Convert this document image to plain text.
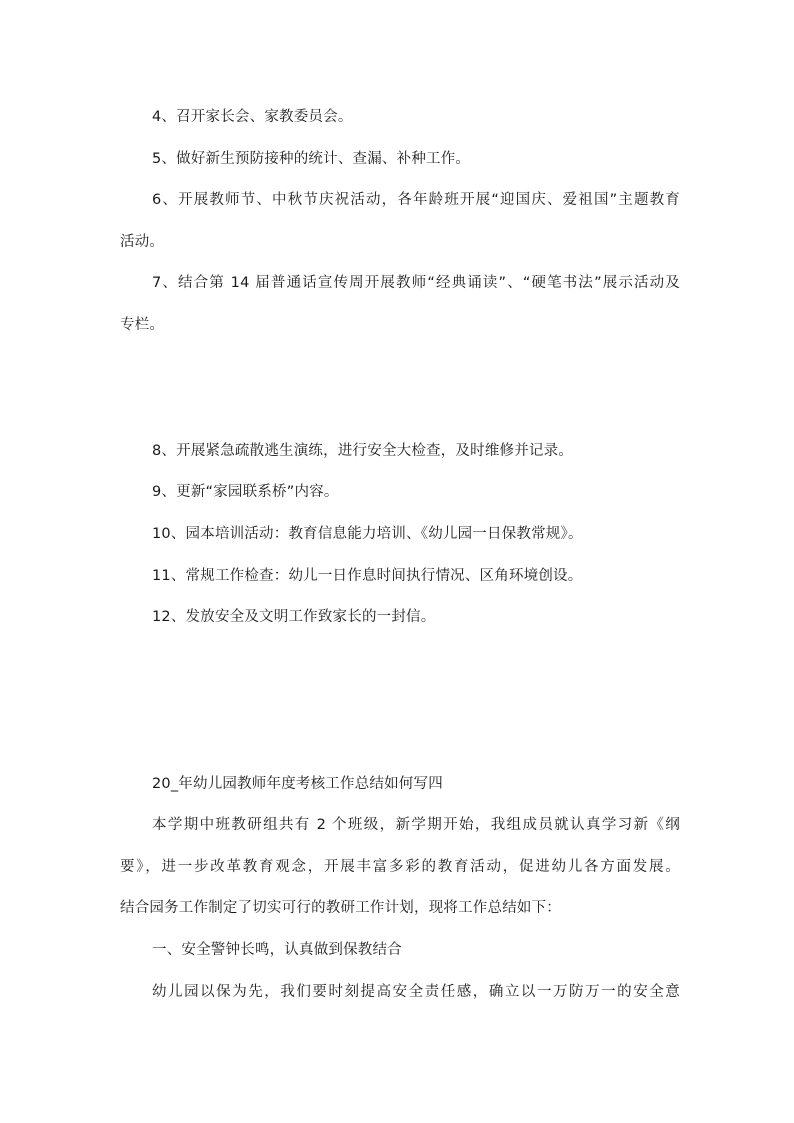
4、召开家长会、家教委员会。
5、做好新生预防接种的统计、查漏、补种工作。
6、开展教师节、中秋节庆祝活动，各年龄班开展“迎国庆、爱祖国”主题教育
活动。
7、结合第 14 届普通话宣传周开展教师“经典诵读”、“硬笔书法”展示活动及
专栏。
8、开展紧急疏散逃生演练，进行安全大检查，及时维修并记录。
9、更新“家园联系桥”内容。
10、园本培训活动：教育信息能力培训、《幼儿园一日保教常规》。
11、常规工作检查：幼儿一日作息时间执行情况、区角环境创设。
12、发放安全及文明工作致家长的一封信。
20_年幼儿园教师年度考核工作总结如何写四
本学期中班教研组共有 2 个班级，新学期开始，我组成员就认真学习新《纲
要》，进一步改革教育观念，开展丰富多彩的教育活动，促进幼儿各方面发展。
结合园务工作制定了切实可行的教研工作计划，现将工作总结如下：
一、安全警钟长鸣，认真做到保教结合
幼儿园以保为先，我们要时刻提高安全责任感，确立以一万防万一的安全意
